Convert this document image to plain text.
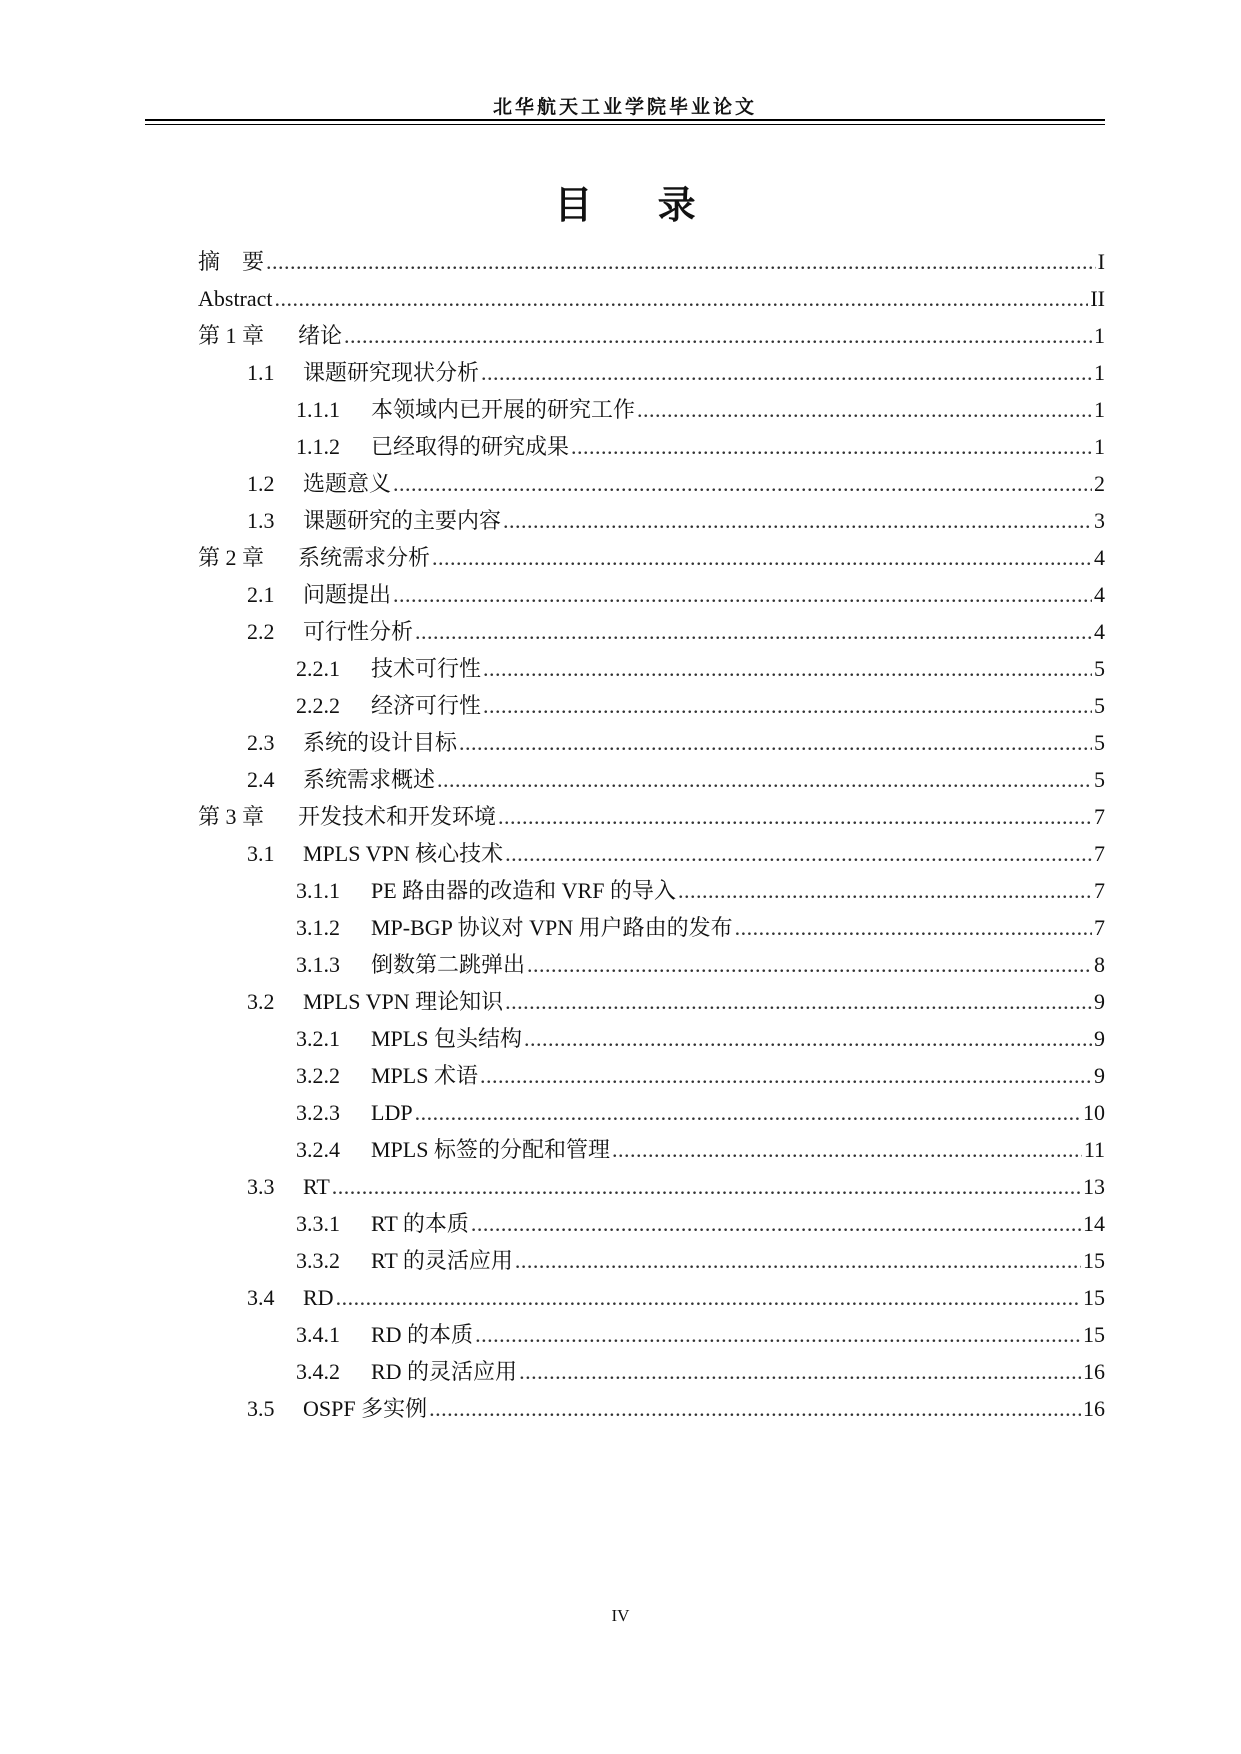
北华航天工业学院毕业论文
目 录
摘　要 .....	I
Abstract .....	II
第 1 章	绪论 .....	1
1.1	课题研究现状分析 .....	1
1.1.1	本领域内已开展的研究工作 .....	1
1.1.2	已经取得的研究成果 .....	1
1.2	选题意义 .....	2
1.3	课题研究的主要内容 .....	3
第 2 章	系统需求分析 .....	4
2.1	问题提出 .....	4
2.2	可行性分析 .....	4
2.2.1	技术可行性 .....	5
2.2.2	经济可行性 .....	5
2.3	系统的设计目标 .....	5
2.4	系统需求概述 .....	5
第 3 章	开发技术和开发环境 .....	7
3.1	MPLS VPN 核心技术 .....	7
3.1.1	PE 路由器的改造和 VRF 的导入 .....	7
3.1.2	MP-BGP 协议对 VPN 用户路由的发布 .....	7
3.1.3	倒数第二跳弹出 .....	8
3.2	MPLS VPN 理论知识 .....	9
3.2.1	MPLS 包头结构 .....	9
3.2.2	MPLS 术语 .....	9
3.2.3	LDP .....	10
3.2.4	MPLS 标签的分配和管理 .....	11
3.3	RT .....	13
3.3.1	RT 的本质 .....	14
3.3.2	RT 的灵活应用 .....	15
3.4	RD .....	15
3.4.1	RD 的本质 .....	15
3.4.2	RD 的灵活应用 .....	16
3.5	OSPF 多实例 .....	16
IV
